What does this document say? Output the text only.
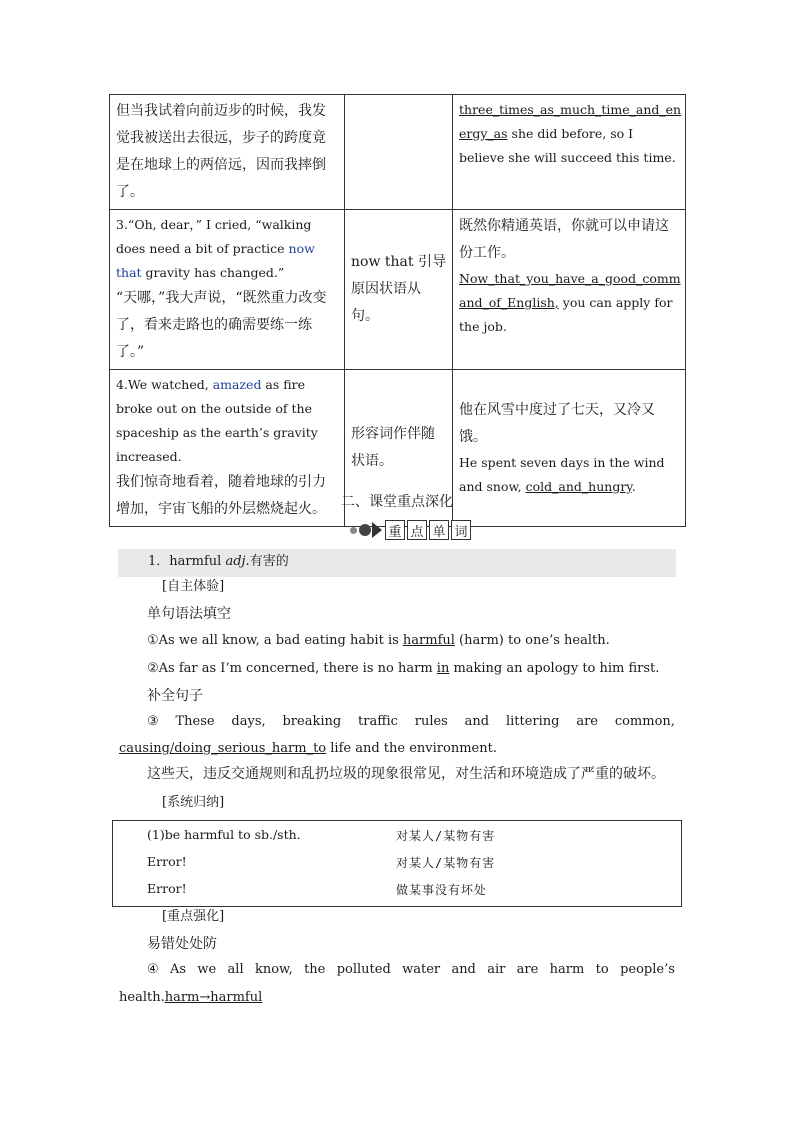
但当我试着向前迈步的时候，我发觉我被送出去很远，步子的跨度竟是在地球上的两倍远，因而我摔倒了。		three_times_as_much_time_and_en
ergy_as she did before, so I believe she will succeed this time.
3.“Oh, dear，” I cried, “walking does need a bit of practice now that gravity has changed.”
“天哪，”我大声说，“既然重力改变了，看来走路也的确需要练一练了。”	now that 引导原因状语从句。	既然你精通英语，你就可以申请这份工作。
Now_that_you_have_a_good_comm
and_of_English, you can apply for the job.
4.We watched, amazed as fire broke out on the outside of the spaceship as the earth’s gravity increased.
我们惊奇地看着，随着地球的引力增加，宇宙飞船的外层燃烧起火。	形容词作伴随状语。	他在风雪中度过了七天，又冷又饿。
He spent seven days in the wind and snow, cold_and_hungry.
二、课堂重点深化
重 点 单 词
1．harmful adj.有害的
[自主体验]
单句语法填空
①As we all know, a bad eating habit is harmful (harm) to one’s health.
②As far as I’m concerned, there is no harm in making an apology to him first.
补全句子
③ These days, breaking traffic rules and littering are common,
causing/doing_serious_harm_to life and the environment.
这些天，违反交通规则和乱扔垃圾的现象很常见，对生活和环境造成了严重的破坏。
[系统归纳]
(1)be harmful to sb./sth.	对某人/某物有害
Error!	对某人/某物有害
Error!	做某事没有坏处
[重点强化]
易错处处防
④ As we all know, the polluted water and air are harm to people’s
health.harm→harmful
